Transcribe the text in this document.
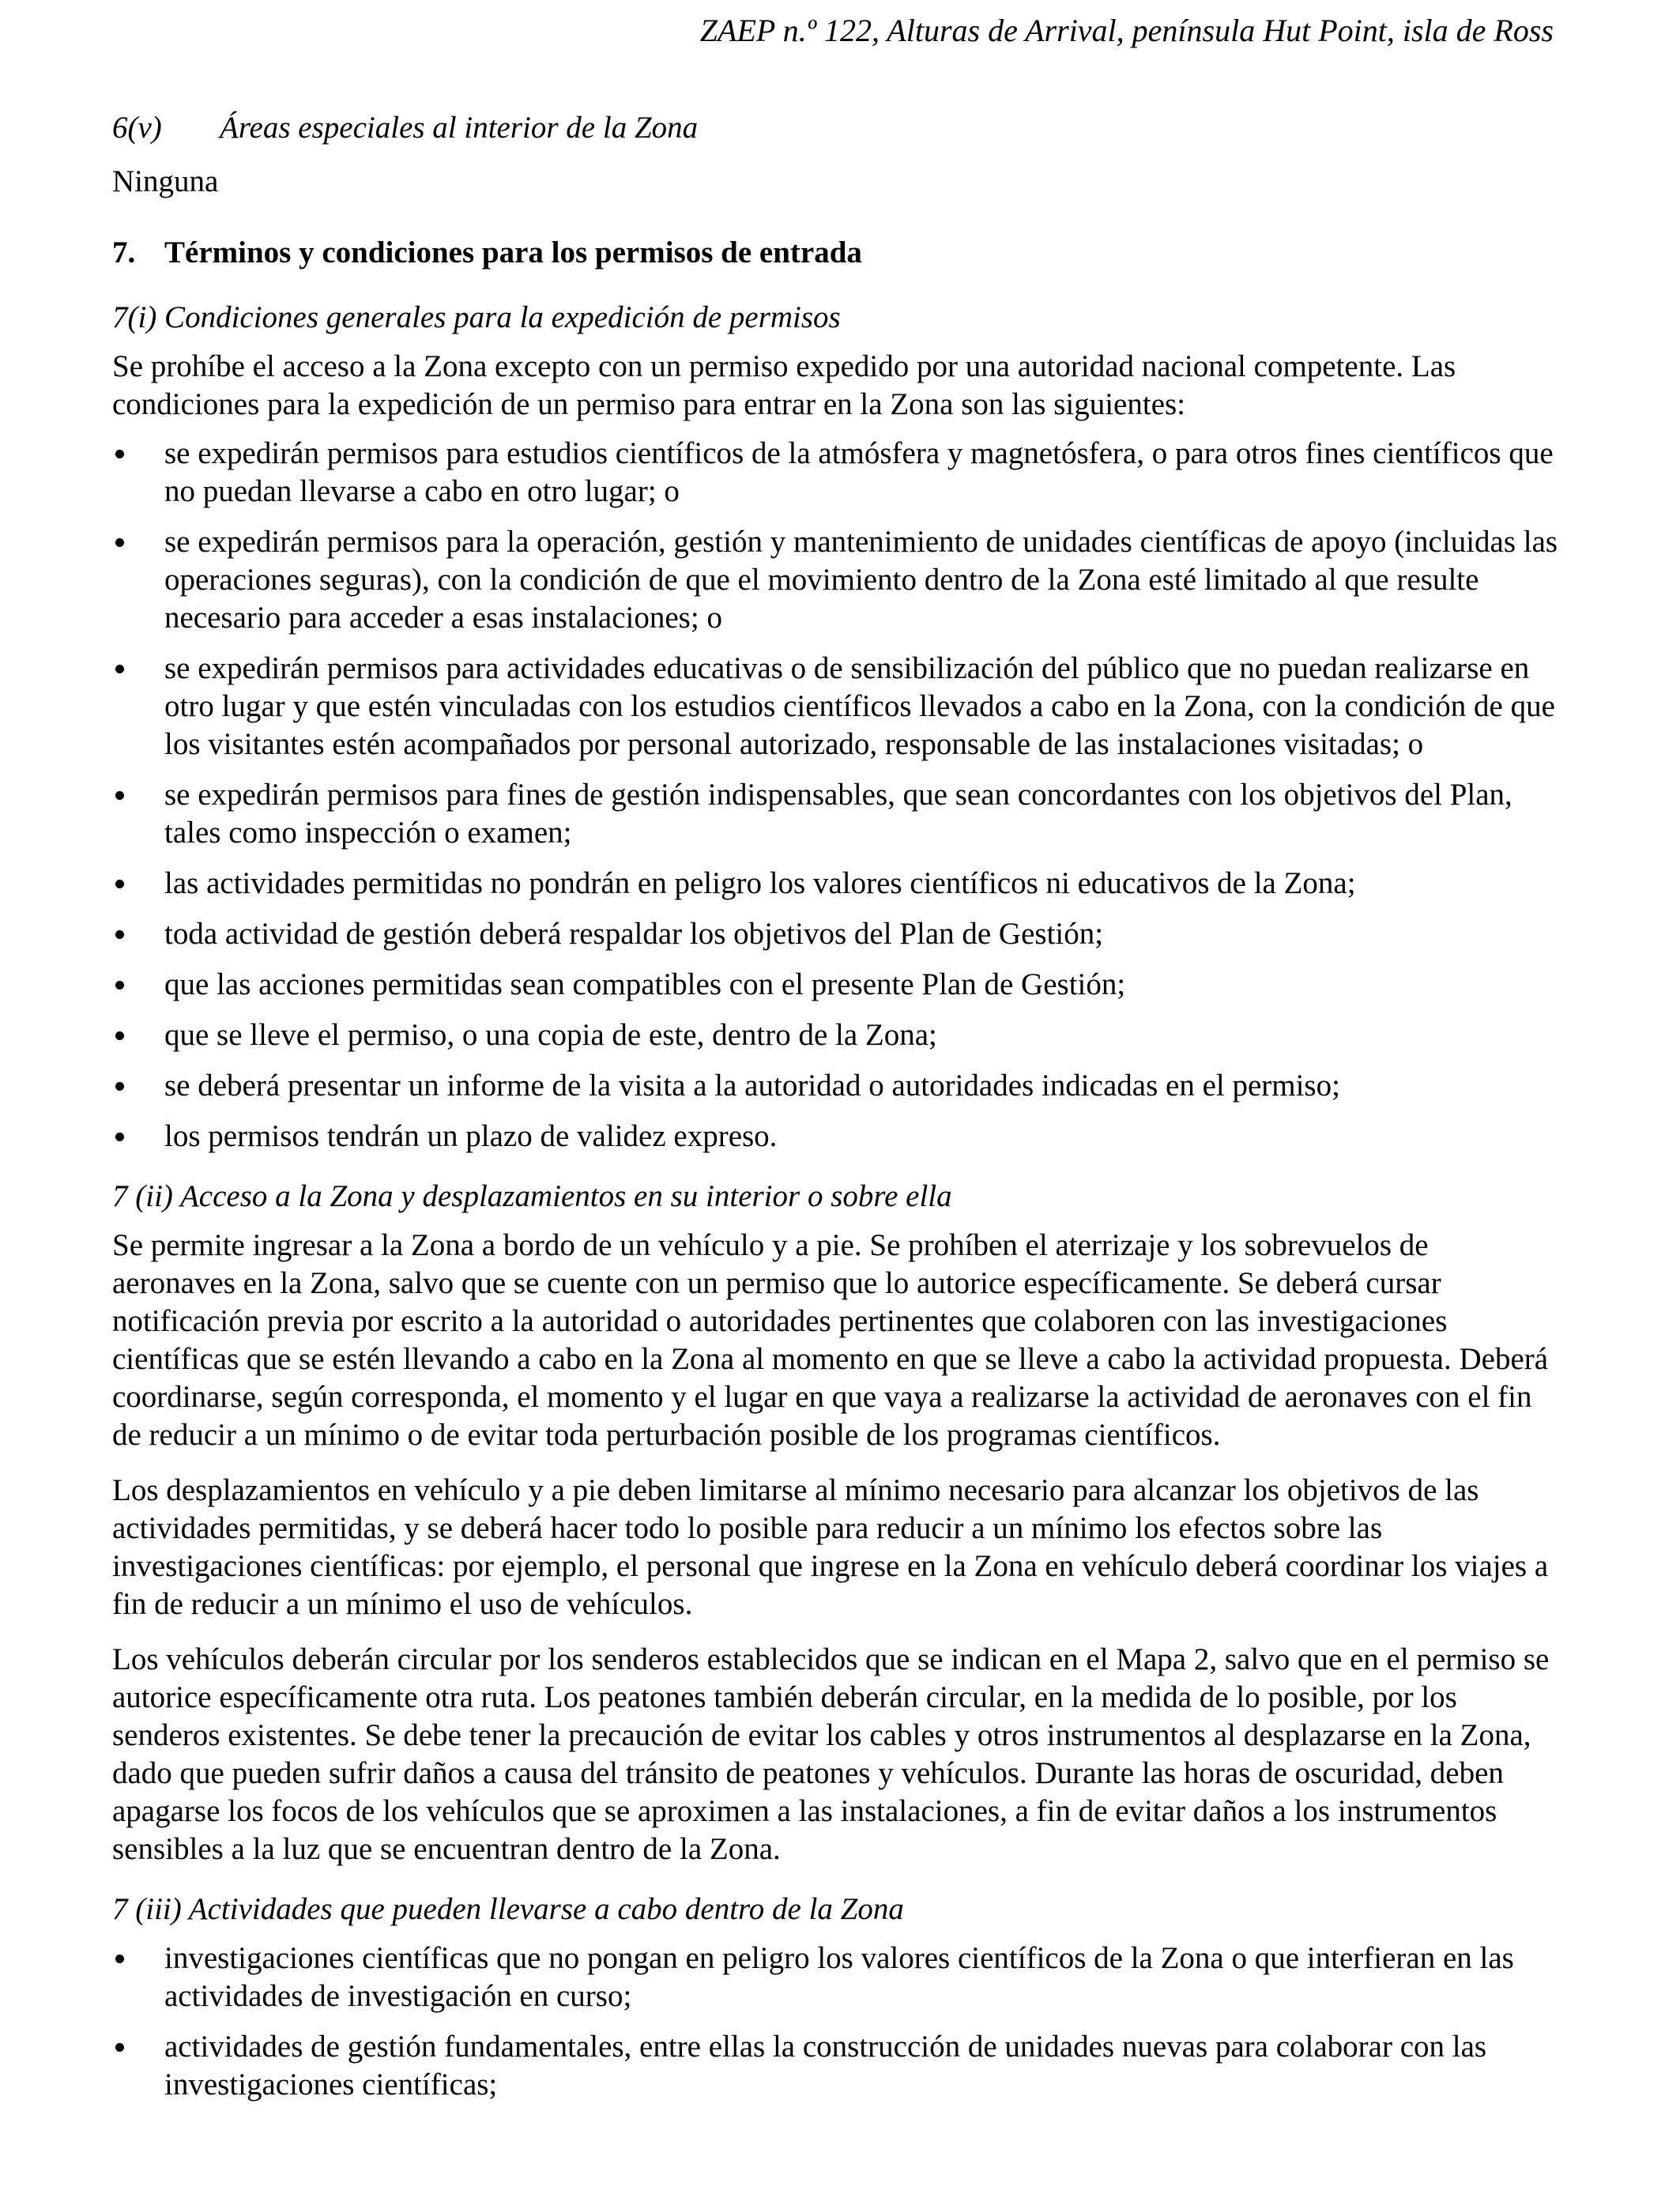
ZAEP n.º 122, Alturas de Arrival, península Hut Point, isla de Ross

6(v) Áreas especiales al interior de la Zona

Ninguna

7. Términos y condiciones para los permisos de entrada

7(i) Condiciones generales para la expedición de permisos

Se prohíbe el acceso a la Zona excepto con un permiso expedido por una autoridad nacional competente. Las condiciones para la expedición de un permiso para entrar en la Zona son las siguientes:

se expedirán permisos para estudios científicos de la atmósfera y magnetósfera, o para otros fines científicos que no puedan llevarse a cabo en otro lugar; o
se expedirán permisos para la operación, gestión y mantenimiento de unidades científicas de apoyo (incluidas las operaciones seguras), con la condición de que el movimiento dentro de la Zona esté limitado al que resulte necesario para acceder a esas instalaciones; o
se expedirán permisos para actividades educativas o de sensibilización del público que no puedan realizarse en otro lugar y que estén vinculadas con los estudios científicos llevados a cabo en la Zona, con la condición de que los visitantes estén acompañados por personal autorizado, responsable de las instalaciones visitadas; o
se expedirán permisos para fines de gestión indispensables, que sean concordantes con los objetivos del Plan, tales como inspección o examen;
las actividades permitidas no pondrán en peligro los valores científicos ni educativos de la Zona;
toda actividad de gestión deberá respaldar los objetivos del Plan de Gestión;
que las acciones permitidas sean compatibles con el presente Plan de Gestión;
que se lleve el permiso, o una copia de este, dentro de la Zona;
se deberá presentar un informe de la visita a la autoridad o autoridades indicadas en el permiso;
los permisos tendrán un plazo de validez expreso.

7 (ii) Acceso a la Zona y desplazamientos en su interior o sobre ella

Se permite ingresar a la Zona a bordo de un vehículo y a pie. Se prohíben el aterrizaje y los sobrevuelos de aeronaves en la Zona, salvo que se cuente con un permiso que lo autorice específicamente. Se deberá cursar notificación previa por escrito a la autoridad o autoridades pertinentes que colaboren con las investigaciones científicas que se estén llevando a cabo en la Zona al momento en que se lleve a cabo la actividad propuesta. Deberá coordinarse, según corresponda, el momento y el lugar en que vaya a realizarse la actividad de aeronaves con el fin de reducir a un mínimo o de evitar toda perturbación posible de los programas científicos.

Los desplazamientos en vehículo y a pie deben limitarse al mínimo necesario para alcanzar los objetivos de las actividades permitidas, y se deberá hacer todo lo posible para reducir a un mínimo los efectos sobre las investigaciones científicas: por ejemplo, el personal que ingrese en la Zona en vehículo deberá coordinar los viajes a fin de reducir a un mínimo el uso de vehículos.

Los vehículos deberán circular por los senderos establecidos que se indican en el Mapa 2, salvo que en el permiso se autorice específicamente otra ruta. Los peatones también deberán circular, en la medida de lo posible, por los senderos existentes. Se debe tener la precaución de evitar los cables y otros instrumentos al desplazarse en la Zona, dado que pueden sufrir daños a causa del tránsito de peatones y vehículos. Durante las horas de oscuridad, deben apagarse los focos de los vehículos que se aproximen a las instalaciones, a fin de evitar daños a los instrumentos sensibles a la luz que se encuentran dentro de la Zona.

7 (iii) Actividades que pueden llevarse a cabo dentro de la Zona

investigaciones científicas que no pongan en peligro los valores científicos de la Zona o que interfieran en las actividades de investigación en curso;
actividades de gestión fundamentales, entre ellas la construcción de unidades nuevas para colaborar con las investigaciones científicas;
